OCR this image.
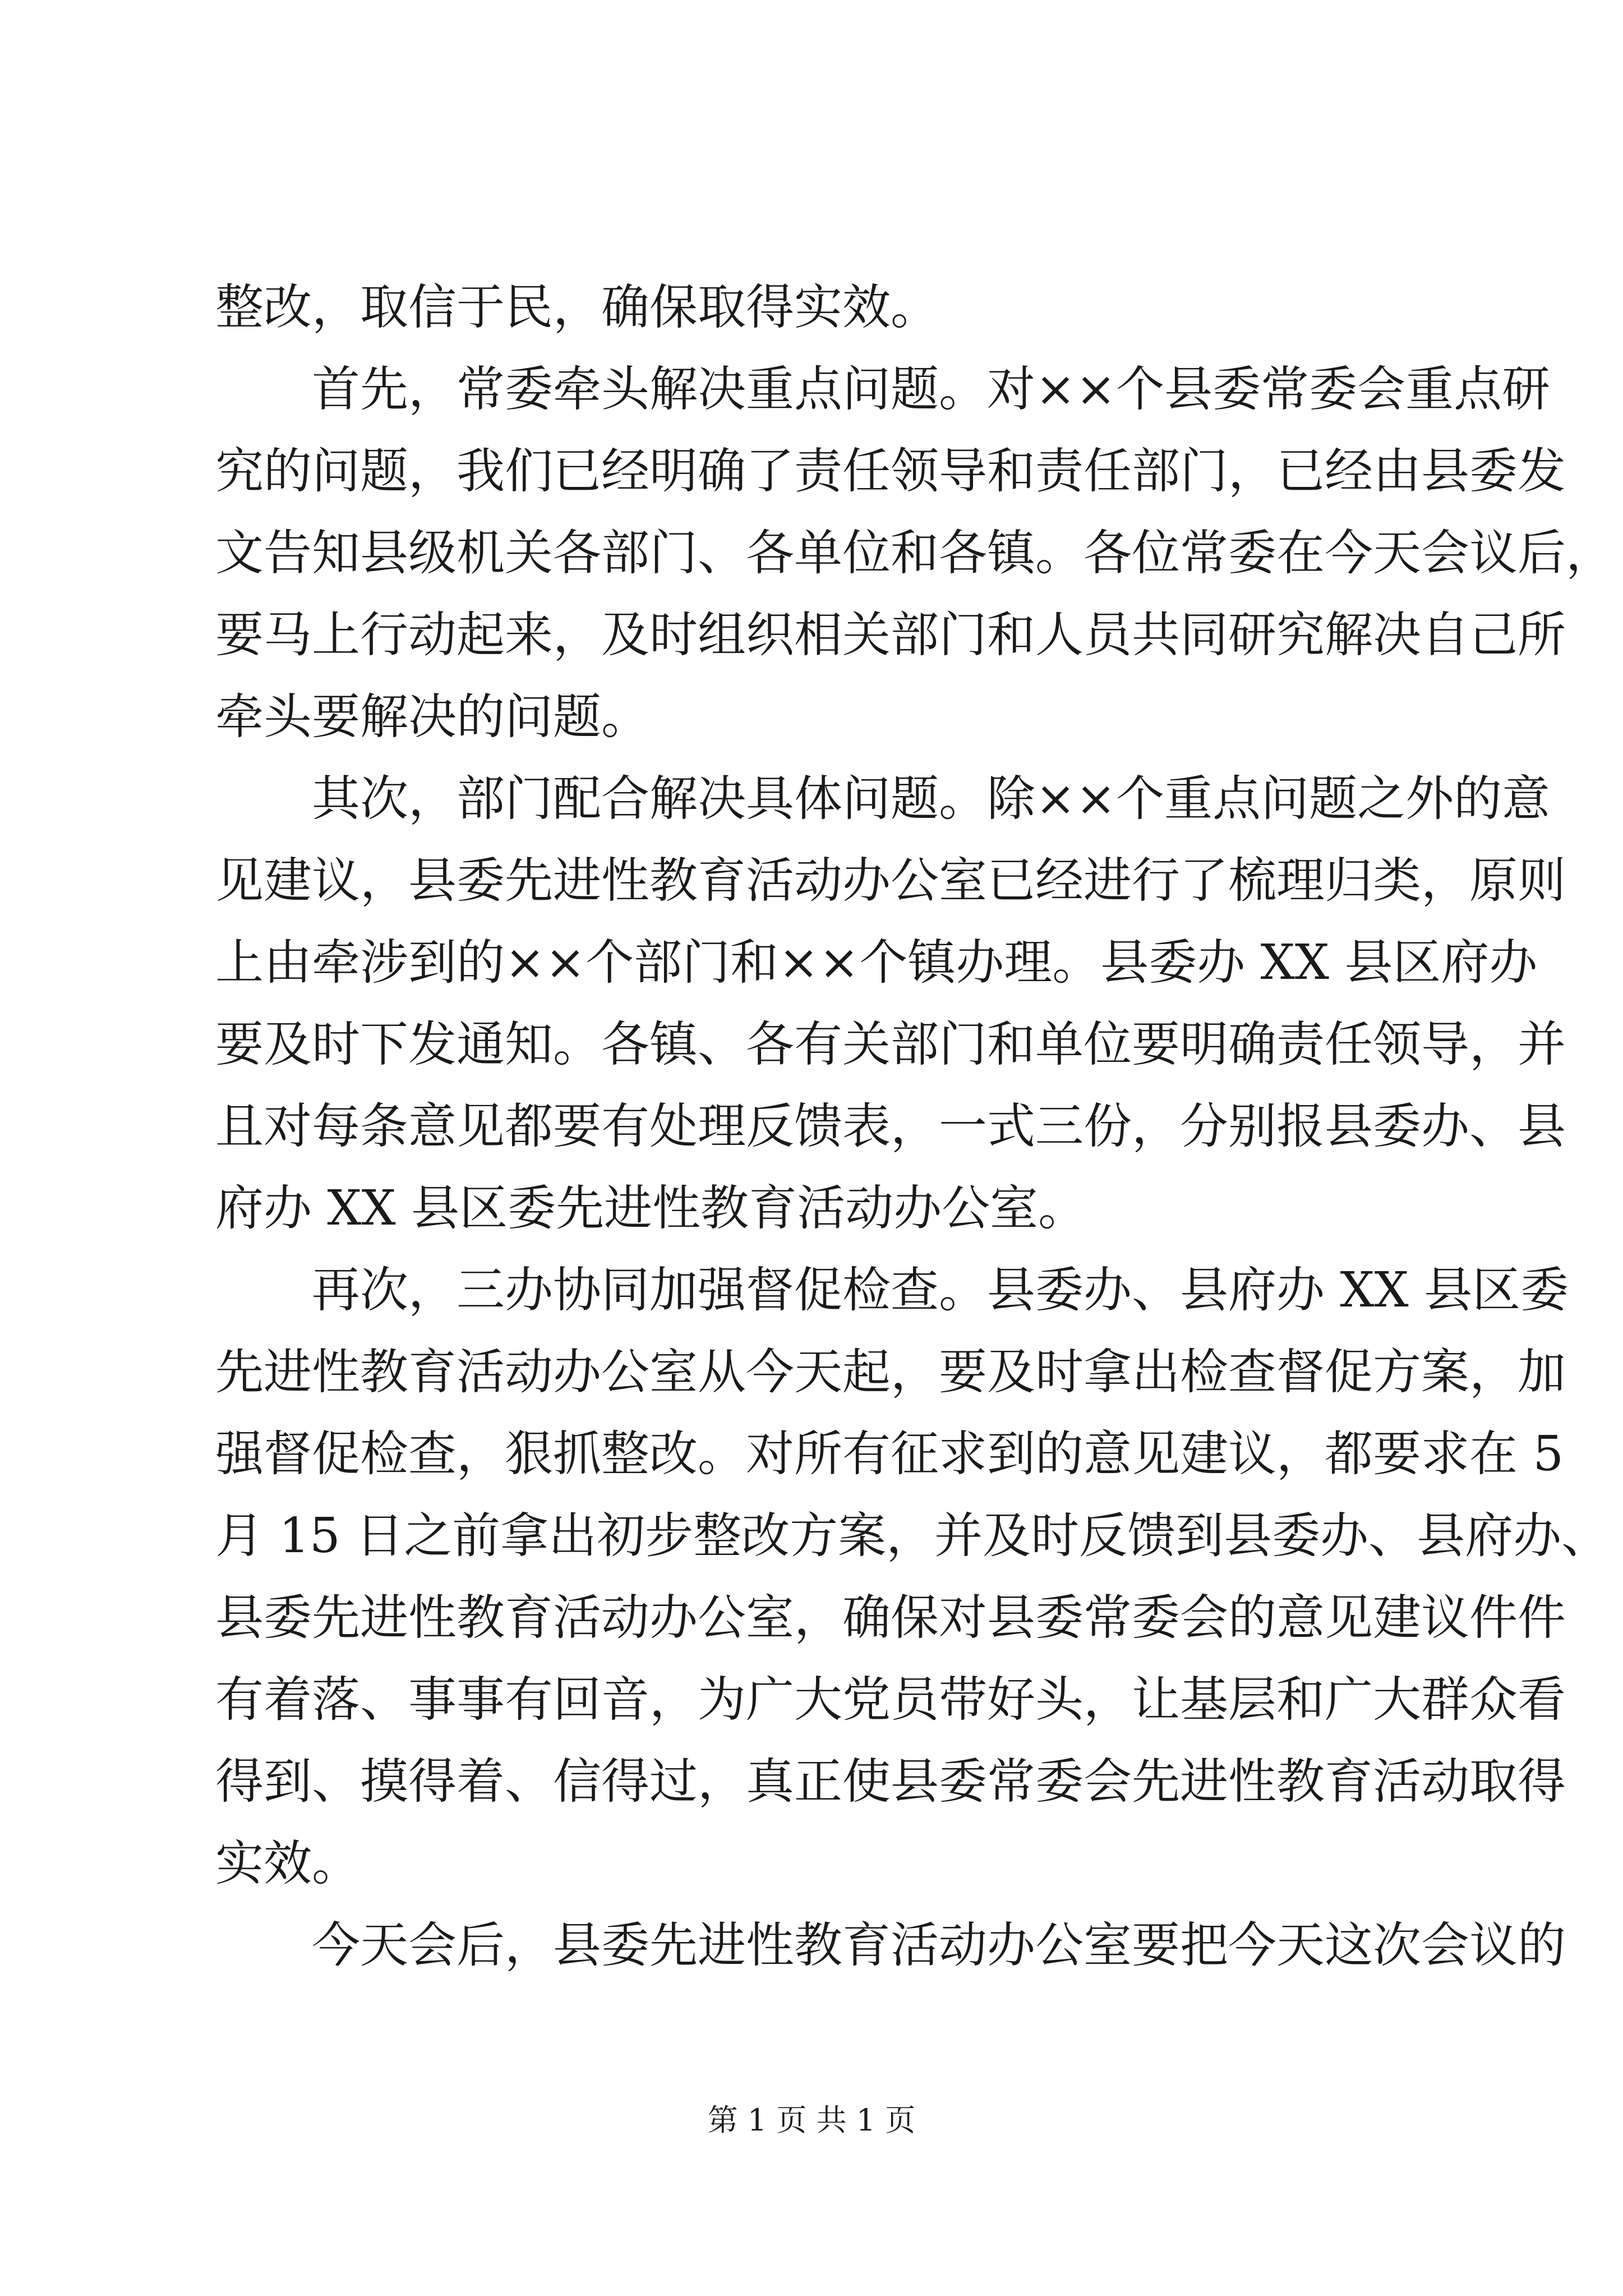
整改，取信于民，确保取得实效。
首先，常委牵头解决重点问题。对××个县委常委会重点研
究的问题，我们已经明确了责任领导和责任部门，已经由县委发
文告知县级机关各部门、各单位和各镇。各位常委在今天会议后，
要马上行动起来，及时组织相关部门和人员共同研究解决自己所
牵头要解决的问题。
其次，部门配合解决具体问题。除××个重点问题之外的意
见建议，县委先进性教育活动办公室已经进行了梳理归类，原则
上由牵涉到的××个部门和××个镇办理。县委办 XX 县区府办
要及时下发通知。各镇、各有关部门和单位要明确责任领导，并
且对每条意见都要有处理反馈表，一式三份，分别报县委办、县
府办 XX 县区委先进性教育活动办公室。
再次，三办协同加强督促检查。县委办、县府办 XX 县区委
先进性教育活动办公室从今天起，要及时拿出检查督促方案，加
强督促检查，狠抓整改。对所有征求到的意见建议，都要求在 5
月 15 日之前拿出初步整改方案，并及时反馈到县委办、县府办、
县委先进性教育活动办公室，确保对县委常委会的意见建议件件
有着落、事事有回音，为广大党员带好头，让基层和广大群众看
得到、摸得着、信得过，真正使县委常委会先进性教育活动取得
实效。
今天会后，县委先进性教育活动办公室要把今天这次会议的
第 1 页 共 1 页
